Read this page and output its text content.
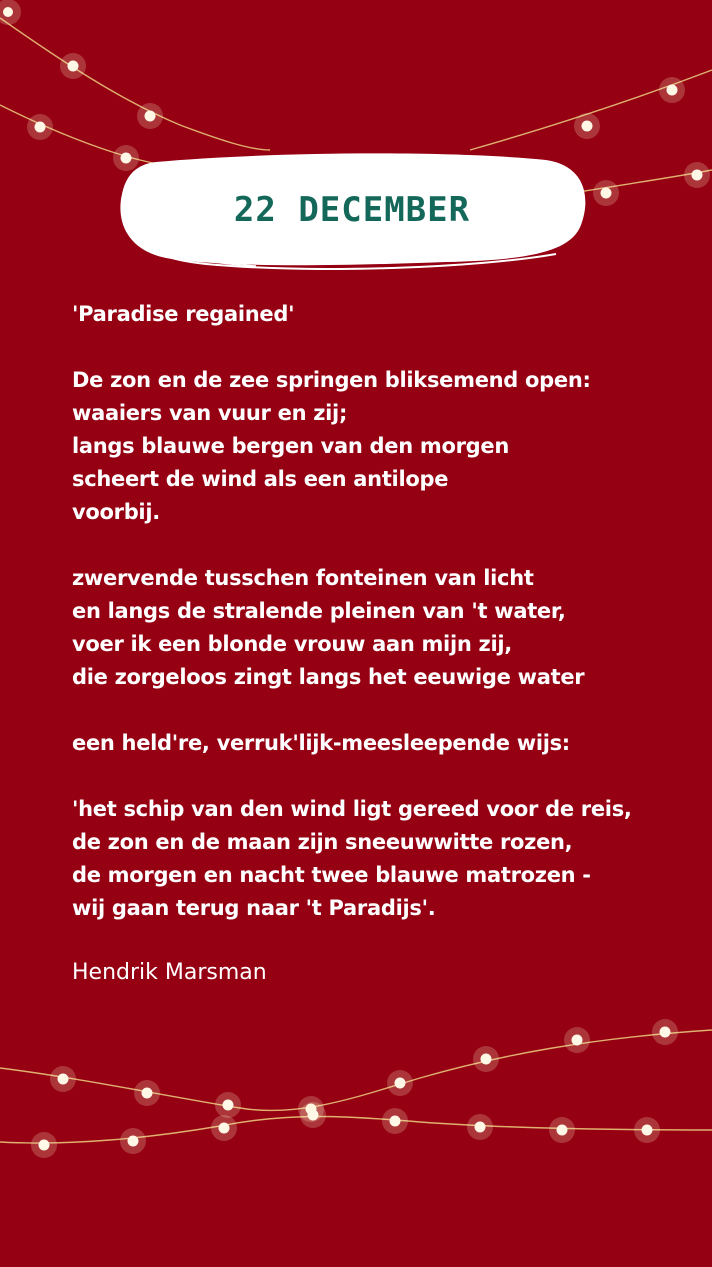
22 DECEMBER
'Paradise regained'
De zon en de zee springen bliksemend open:
waaiers van vuur en zij;
langs blauwe bergen van den morgen
scheert de wind als een antilope
voorbij.
zwervende tusschen fonteinen van licht
en langs de stralende pleinen van 't water,
voer ik een blonde vrouw aan mijn zij,
die zorgeloos zingt langs het eeuwige water
een held're, verruk'lijk-meesleepende wijs:
'het schip van den wind ligt gereed voor de reis,
de zon en de maan zijn sneeuwwitte rozen,
de morgen en nacht twee blauwe matrozen -
wij gaan terug naar 't Paradijs'.
Hendrik Marsman
